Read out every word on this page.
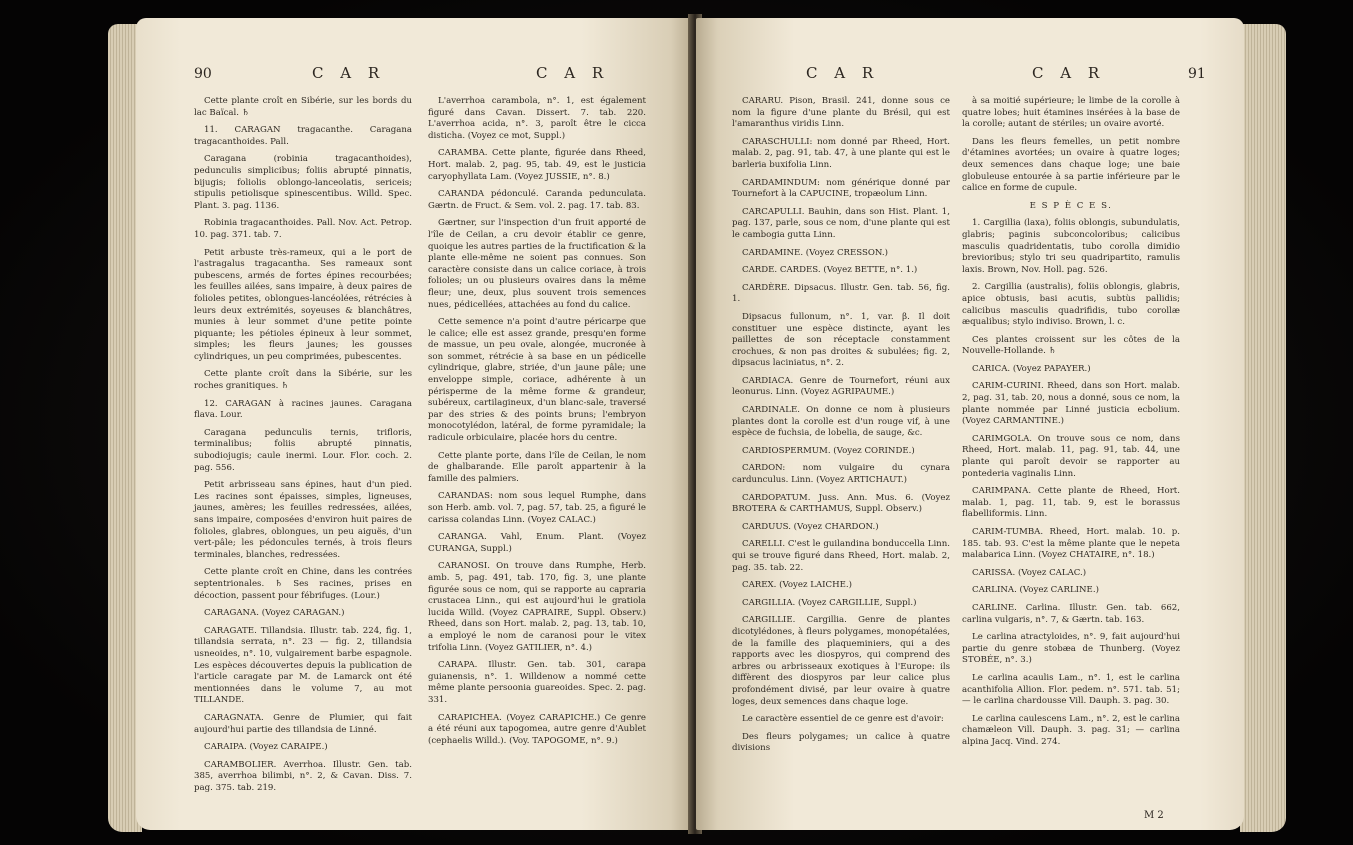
90	C A R	C A R

Cette plante croît en Sibérie, sur les bords du lac Baïcal. ♄

11. CARAGAN tragacanthe. Caragana tragacanthoides. Pall.

Caragana (robinia tragacanthoides), pedunculis simplicibus; foliis abrupté pinnatis, bijugis; foliolis oblongo-lanceolatis, sericeis; stipulis petiolisque spinescentibus. Willd. Spec. Plant. 3. pag. 1136.

Robinia tragacanthoides. Pall. Nov. Act. Petrop. 10. pag. 371. tab. 7.

Petit arbuste très-rameux, qui a le port de l'astragalus tragacantha. Ses rameaux sont pubescens, armés de fortes épines recourbées; les feuilles ailées, sans impaire, à deux paires de folioles petites, oblongues-lancéolées, rétrécies à leurs deux extrémités, soyeuses & blanchâtres, munies à leur sommet d'une petite pointe piquante; les pétioles épineux à leur sommet, simples; les fleurs jaunes; les gousses cylindriques, un peu comprimées, pubescentes.

Cette plante croît dans la Sibérie, sur les roches granitiques. ♄

12. CARAGAN à racines jaunes. Caragana flava. Lour.

Caragana pedunculis ternis, trifloris, terminalibus; foliis abrupté pinnatis, subodiojugis; caule inermi. Lour. Flor. coch. 2. pag. 556.

Petit arbrisseau sans épines, haut d'un pied. Les racines sont épaisses, simples, ligneuses, jaunes, amères; les feuilles redressées, ailées, sans impaire, composées d'environ huit paires de folioles, glabres, oblongues, un peu aiguës, d'un vert-pâle; les pédoncules ternés, à trois fleurs terminales, blanches, redressées.

Cette plante croît en Chine, dans les contrées septentrionales. ♄ Ses racines, prises en décoction, passent pour fébrifuges. (Lour.)

CARAGANA. (Voyez CARAGAN.)

CARAGATE. Tillandsia. Illustr. tab. 224, fig. 1, tillandsia serrata, n°. 23 — fig. 2, tillandsia usneoides, n°. 10, vulgairement barbe espagnole. Les espèces découvertes depuis la publication de l'article caragate par M. de Lamarck ont été mentionnées dans le volume 7, au mot TILLANDE.

CARAGNATA. Genre de Plumier, qui fait aujourd'hui partie des tillandsia de Linné.

CARAIPA. (Voyez CARAIPE.)

CARAMBOLIER. Averrhoa. Illustr. Gen. tab. 385, averrhoa bilimbi, n°. 2, & Cavan. Diss. 7. pag. 375. tab. 219.

L'averrhoa carambola, n°. 1, est également figuré dans Cavan. Dissert. 7. tab. 220. L'averrhoa acida, n°. 3, paroît être le cicca disticha. (Voyez ce mot, Suppl.)

CARAMBA. Cette plante, figurée dans Rheed, Hort. malab. 2, pag. 95, tab. 49, est le justicia caryophyllata Lam. (Voyez JUSSIE, n°. 8.)

CARANDA pédonculé. Caranda pedunculata. Gærtn. de Fruct. & Sem. vol. 2. pag. 17. tab. 83.

Gærtner, sur l'inspection d'un fruit apporté de l'île de Ceilan, a cru devoir établir ce genre, quoique les autres parties de la fructification & la plante elle-même ne soient pas connues. Son caractère consiste dans un calice coriace, à trois folioles; un ou plusieurs ovaires dans la même fleur; une, deux, plus souvent trois semences nues, pédicellées, attachées au fond du calice.

Cette semence n'a point d'autre péricarpe que le calice; elle est assez grande, presqu'en forme de massue, un peu ovale, alongée, mucronée à son sommet, rétrécie à sa base en un pédicelle cylindrique, glabre, striée, d'un jaune pâle; une enveloppe simple, coriace, adhérente à un périsperme de la même forme & grandeur, subéreux, cartilagineux, d'un blanc-sale, traversé par des stries & des points bruns; l'embryon monocotylédon, latéral, de forme pyramidale; la radicule orbiculaire, placée hors du centre.

Cette plante porte, dans l'île de Ceilan, le nom de ghalbarande. Elle paroît appartenir à la famille des palmiers.

CARANDAS: nom sous lequel Rumphe, dans son Herb. amb. vol. 7, pag. 57, tab. 25, a figuré le carissa colandas Linn. (Voyez CALAC.)

CARANGA. Vahl, Enum. Plant. (Voyez CURANGA, Suppl.)

CARANOSI. On trouve dans Rumphe, Herb. amb. 5, pag. 491, tab. 170, fig. 3, une plante figurée sous ce nom, qui se rapporte au capraria crustacea Linn., qui est aujourd'hui le gratiola lucida Willd. (Voyez CAPRAIRE, Suppl. Observ.) Rheed, dans son Hort. malab. 2, pag. 13, tab. 10, a employé le nom de caranosi pour le vitex trifolia Linn. (Voyez GATILIER, n°. 4.)

CARAPA. Illustr. Gen. tab. 301, carapa guianensis, n°. 1. Willdenow a nommé cette même plante persoonia guareoides. Spec. 2. pag. 331.

CARAPICHEA. (Voyez CARAPICHE.) Ce genre a été réuni aux tapogomea, autre genre d'Aublet (cephaelis Willd.). (Voy. TAPOGOME, n°. 9.)

C A R	C A R	91

CARARU. Pison, Brasil. 241, donne sous ce nom la figure d'une plante du Brésil, qui est l'amaranthus viridis Linn.

CARASCHULLI: nom donné par Rheed, Hort. malab. 2, pag. 91, tab. 47, à une plante qui est le barleria buxifolia Linn.

CARDAMINDUM: nom générique donné par Tournefort à la CAPUCINE, tropæolum Linn.

CARCAPULLI. Bauhin, dans son Hist. Plant. 1, pag. 137, parle, sous ce nom, d'une plante qui est le cambogia gutta Linn.

CARDAMINE. (Voyez CRESSON.)

CARDE. CARDES. (Voyez BETTE, n°. 1.)

CARDÈRE. Dipsacus. Illustr. Gen. tab. 56, fig. 1.

Dipsacus fullonum, n°. 1, var. β. Il doit constituer une espèce distincte, ayant les paillettes de son réceptacle constamment crochues, & non pas droites & subulées; fig. 2, dipsacus laciniatus, n°. 2.

CARDIACA. Genre de Tournefort, réuni aux leonurus. Linn. (Voyez AGRIPAUME.)

CARDINALE. On donne ce nom à plusieurs plantes dont la corolle est d'un rouge vif, à une espèce de fuchsia, de lobelia, de sauge, &c.

CARDIOSPERMUM. (Voyez CORINDE.)

CARDON: nom vulgaire du cynara cardunculus. Linn. (Voyez ARTICHAUT.)

CARDOPATUM. Juss. Ann. Mus. 6. (Voyez BROTERA & CARTHAMUS, Suppl. Observ.)

CARDUUS. (Voyez CHARDON.)

CARELLI. C'est le guilandina bonduccella Linn. qui se trouve figuré dans Rheed, Hort. malab. 2, pag. 35. tab. 22.

CAREX. (Voyez LAICHE.)

CARGILLIA. (Voyez CARGILLIE, Suppl.)

CARGILLIE. Cargillia. Genre de plantes dicotylédones, à fleurs polygames, monopétalées, de la famille des plaqueminiers, qui a des rapports avec les diospyros, qui comprend des arbres ou arbrisseaux exotiques à l'Europe: ils diffèrent des diospyros par leur calice plus profondément divisé, par leur ovaire à quatre loges, deux semences dans chaque loge.

Le caractère essentiel de ce genre est d'avoir:

Des fleurs polygames; un calice à quatre divisions

à sa moitié supérieure; le limbe de la corolle à quatre lobes; huit étamines insérées à la base de la corolle; autant de stériles; un ovaire avorté.

Dans les fleurs femelles, un petit nombre d'étamines avortées; un ovaire à quatre loges; deux semences dans chaque loge; une baie globuleuse entourée à sa partie inférieure par le calice en forme de cupule.

E S P È C E S.

1. Cargillia (laxa), foliis oblongis, subundulatis, glabris; paginis subconcoloribus; calicibus masculis quadridentatis, tubo corolla dimidio brevioribus; stylo tri seu quadripartito, ramulis laxis. Brown, Nov. Holl. pag. 526.

2. Cargillia (australis), foliis oblongis, glabris, apice obtusis, basi acutis, subtùs pallidis; calicibus masculis quadrifidis, tubo corollæ æqualibus; stylo indiviso. Brown, l. c.

Ces plantes croissent sur les côtes de la Nouvelle-Hollande. ♄

CARICA. (Voyez PAPAYER.)

CARIM-CURINI. Rheed, dans son Hort. malab. 2, pag. 31, tab. 20, nous a donné, sous ce nom, la plante nommée par Linné justicia ecbolium. (Voyez CARMANTINE.)

CARIMGOLA. On trouve sous ce nom, dans Rheed, Hort. malab. 11, pag. 91, tab. 44, une plante qui paroît devoir se rapporter au pontederia vaginalis Linn.

CARIMPANA. Cette plante de Rheed, Hort. malab. 1, pag. 11, tab. 9, est le borassus flabelliformis. Linn.

CARIM-TUMBA. Rheed, Hort. malab. 10. p. 185. tab. 93. C'est la même plante que le nepeta malabarica Linn. (Voyez CHATAIRE, n°. 18.)

CARISSA. (Voyez CALAC.)

CARLINA. (Voyez CARLINE.)

CARLINE. Carlina. Illustr. Gen. tab. 662, carlina vulgaris, n°. 7, & Gærtn. tab. 163.

Le carlina atractyloides, n°. 9, fait aujourd'hui partie du genre stobæa de Thunberg. (Voyez STOBÉE, n°. 3.)

Le carlina acaulis Lam., n°. 1, est le carlina acanthifolia Allion. Flor. pedem. n°. 571. tab. 51; — le carlina chardousse Vill. Dauph. 3. pag. 30.

Le carlina caulescens Lam., n°. 2, est le carlina chamæleon Vill. Dauph. 3. pag. 31; — carlina alpina Jacq. Vind. 274.

M 2
